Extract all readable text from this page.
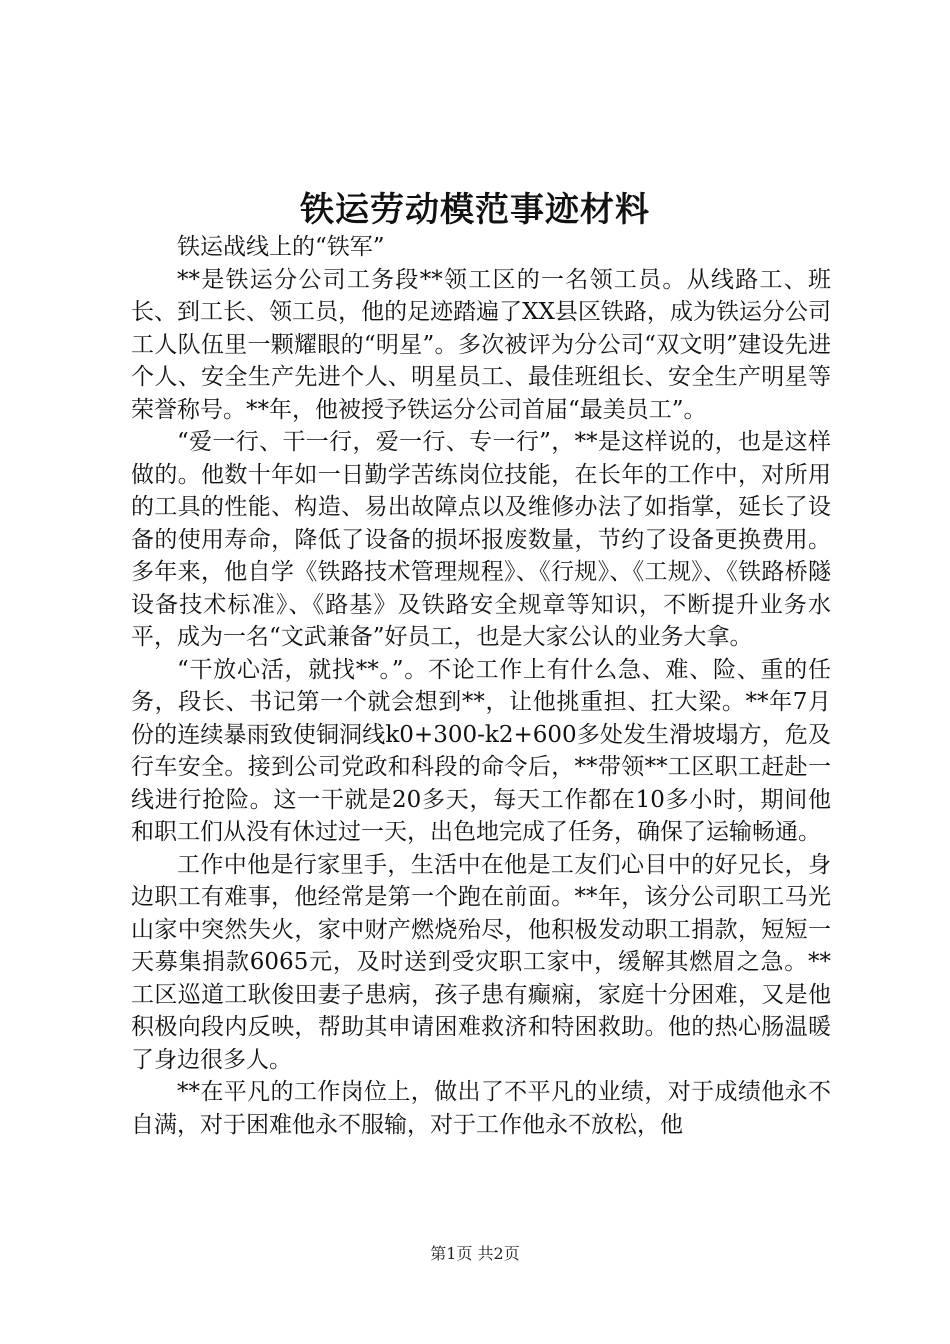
铁运劳动模范事迹材料

铁运战线上的“铁军”

**是铁运分公司工务段**领工区的一名领工员。从线路工、班长、到工长、领工员，他的足迹踏遍了XX县区铁路，成为铁运分公司工人队伍里一颗耀眼的“明星”。多次被评为分公司“双文明”建设先进个人、安全生产先进个人、明星员工、最佳班组长、安全生产明星等荣誉称号。**年，他被授予铁运分公司首届“最美员工”。

“爱一行、干一行，爱一行、专一行”，**是这样说的，也是这样做的。他数十年如一日勤学苦练岗位技能，在长年的工作中，对所用的工具的性能、构造、易出故障点以及维修办法了如指掌，延长了设备的使用寿命，降低了设备的损坏报废数量，节约了设备更换费用。多年来，他自学《铁路技术管理规程》、《行规》、《工规》、《铁路桥隧设备技术标准》、《路基》及铁路安全规章等知识，不断提升业务水平，成为一名“文武兼备”好员工，也是大家公认的业务大拿。

“干放心活，就找**。”。不论工作上有什么急、难、险、重的任务，段长、书记第一个就会想到**，让他挑重担、扛大梁。**年7月份的连续暴雨致使铜洞线k0+300-k2+600多处发生滑坡塌方，危及行车安全。接到公司党政和科段的命令后，**带领**工区职工赶赴一线进行抢险。这一干就是20多天，每天工作都在10多小时，期间他和职工们从没有休过过一天，出色地完成了任务，确保了运输畅通。

工作中他是行家里手，生活中在他是工友们心目中的好兄长，身边职工有难事，他经常是第一个跑在前面。**年，该分公司职工马光山家中突然失火，家中财产燃烧殆尽，他积极发动职工捐款，短短一天募集捐款6065元，及时送到受灾职工家中，缓解其燃眉之急。**工区巡道工耿俊田妻子患病，孩子患有癫痫，家庭十分困难，又是他积极向段内反映，帮助其申请困难救济和特困救助。他的热心肠温暖了身边很多人。

**在平凡的工作岗位上，做出了不平凡的业绩，对于成绩他永不自满，对于困难他永不服输，对于工作他永不放松，他

第1页 共2页
